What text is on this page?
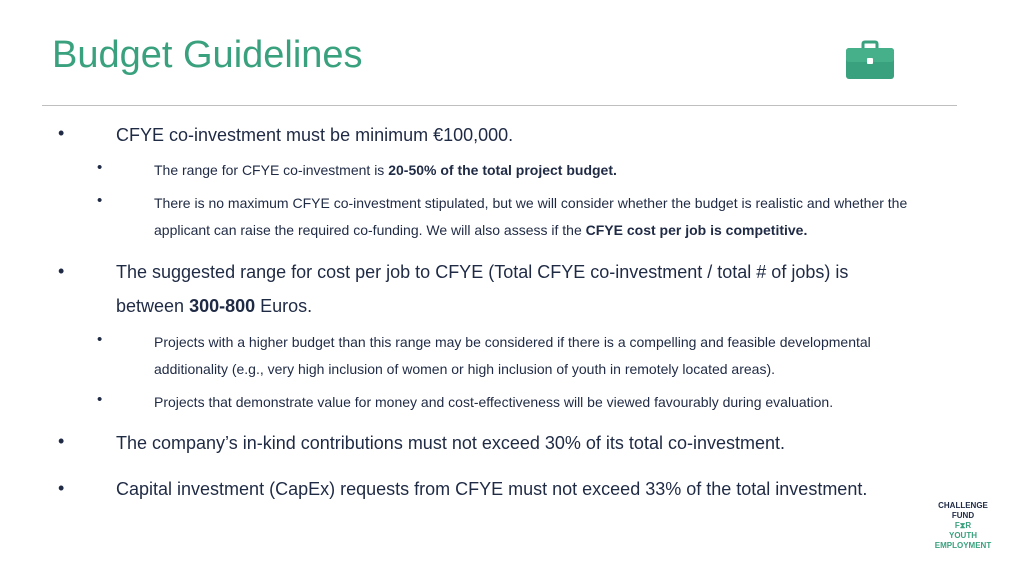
Budget Guidelines
•	CFYE co-investment must be minimum €100,000.
•	The range for CFYE co-investment is 20-50% of the total project budget.
•	There is no maximum CFYE co-investment stipulated, but we will consider whether the budget is realistic and whether the applicant can raise the required co-funding. We will also assess if the CFYE cost per job is competitive.
•	The suggested range for cost per job to CFYE (Total CFYE co-investment / total # of jobs) is between 300-800 Euros.
•	Projects with a higher budget than this range may be considered if there is a compelling and feasible developmental additionality (e.g., very high inclusion of women or high inclusion of youth in remotely located areas).
•	Projects that demonstrate value for money and cost-effectiveness will be viewed favourably during evaluation.
•	The company’s in-kind contributions must not exceed 30% of its total co-investment.
•	Capital investment (CapEx) requests from CFYE must not exceed 33% of the total investment.
CHALLENGE
FUND
F⧗R
YOUTH
EMPLOYMENT
